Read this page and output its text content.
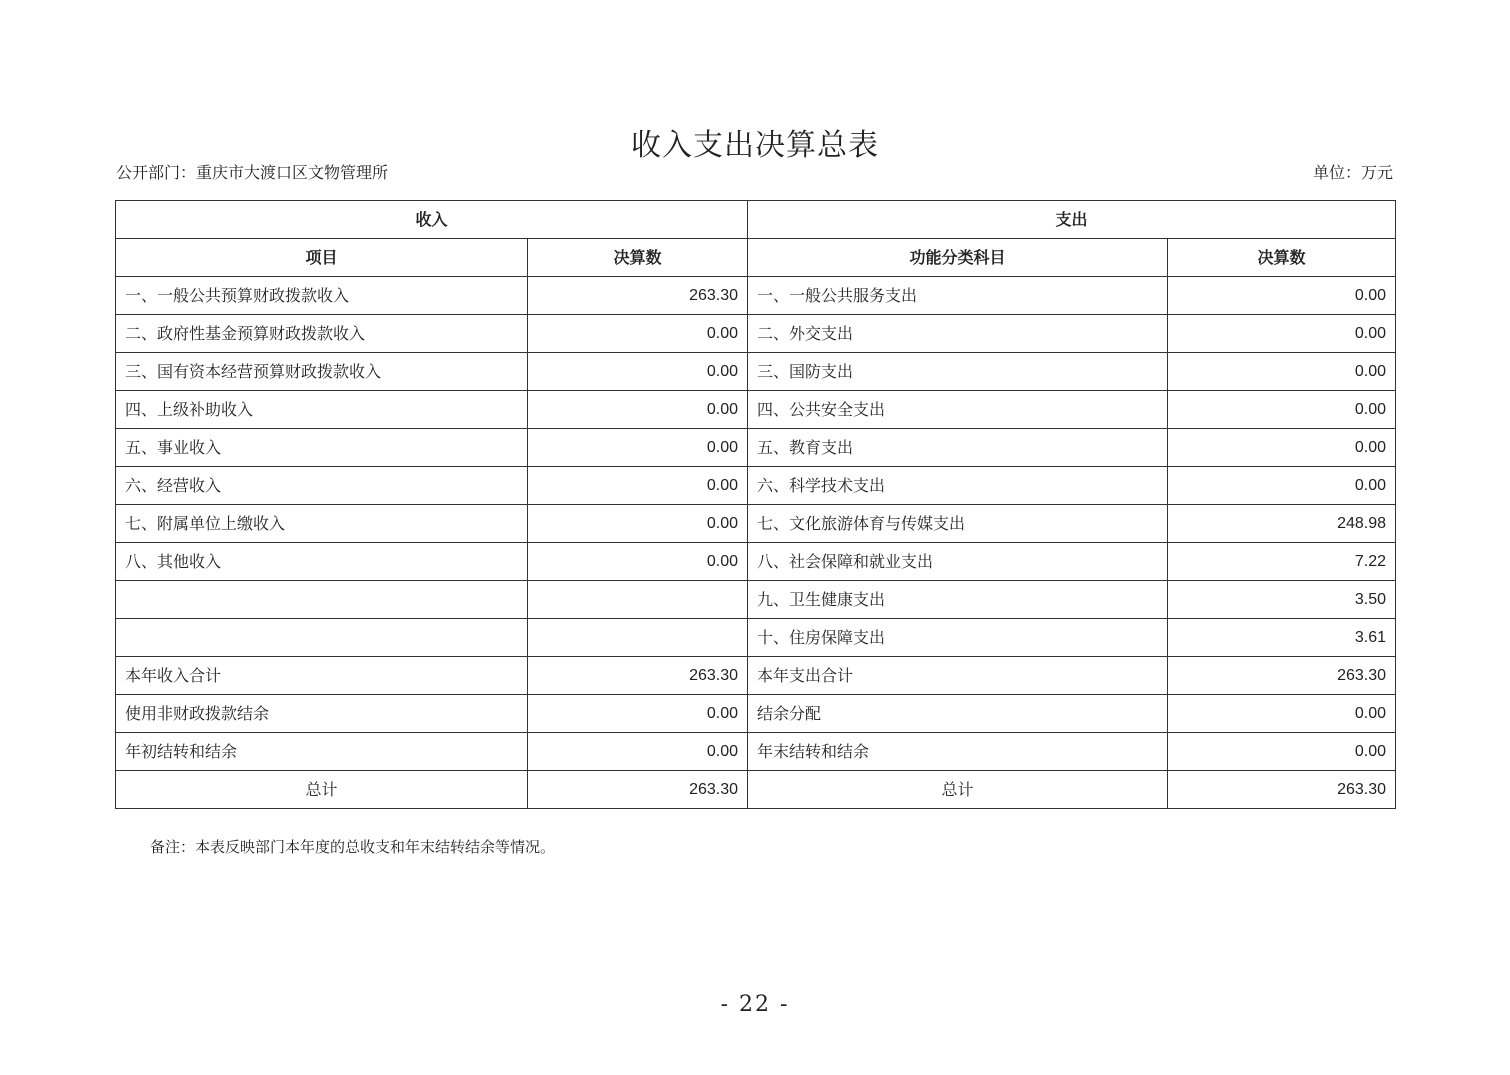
收入支出决算总表
公开部门：重庆市大渡口区文物管理所	单位：万元
收入		支出	
项目	决算数	功能分类科目	决算数
一、一般公共预算财政拨款收入	263.30	一、一般公共服务支出	0.00
二、政府性基金预算财政拨款收入	0.00	二、外交支出	0.00
三、国有资本经营预算财政拨款收入	0.00	三、国防支出	0.00
四、上级补助收入	0.00	四、公共安全支出	0.00
五、事业收入	0.00	五、教育支出	0.00
六、经营收入	0.00	六、科学技术支出	0.00
七、附属单位上缴收入	0.00	七、文化旅游体育与传媒支出	248.98
八、其他收入	0.00	八、社会保障和就业支出	7.22
		九、卫生健康支出	3.50
		十、住房保障支出	3.61
本年收入合计	263.30	本年支出合计	263.30
使用非财政拨款结余	0.00	结余分配	0.00
年初结转和结余	0.00	年末结转和结余	0.00
总计	263.30	总计	263.30
备注：本表反映部门本年度的总收支和年末结转结余等情况。
- 22 -
